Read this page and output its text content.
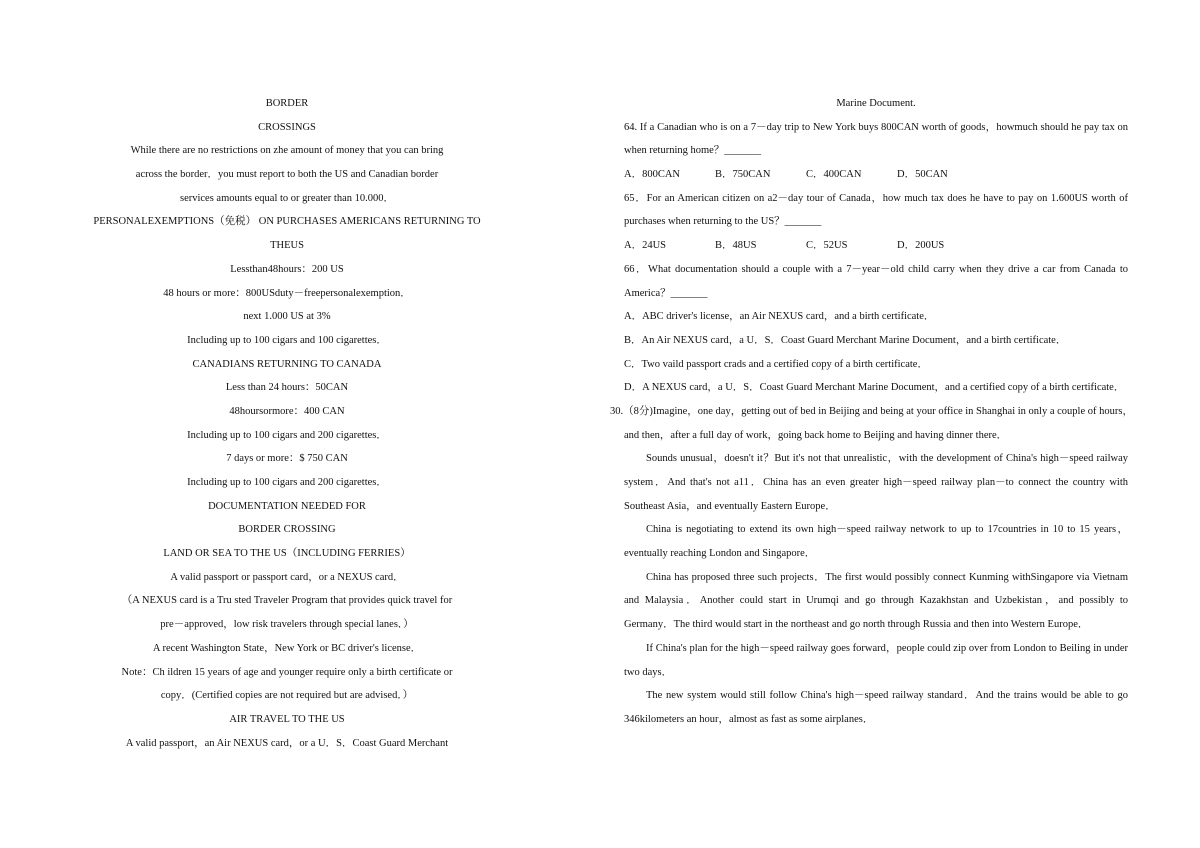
BORDER
CROSSINGS
While there are no restrictions on zhe amount of money that you can bring
across the border．you must report to both the US and Canadian border
services amounts equal to or greater than 10.000．
PERSONALEXEMPTIONS（免税） ON PURCHASES AMERICANS RETURNING TO
THEUS
Lessthan48hours：200 US
48 hours or more：800USduty－freepersonalexemption．
next 1.000 US at 3%
Including up to 100 cigars and 100 cigarettes．
CANADIANS RETURNING TO CANADA
Less than 24 hours：50CAN
48hoursormore：400 CAN
Including up to 100 cigars and 200 cigarettes．
7 days or more：$ 750 CAN
Including up to 100 cigars and 200 cigarettes．
DOCUMENTATION NEEDED FOR
BORDER CROSSING
LAND OR SEA TO THE US（INCLUDING FERRIES）
A valid passport or passport card，or a NEXUS card．
（A NEXUS card is a Tru sted Traveler Program that provides quick travel for
pre－approved，low risk travelers through special lanes．）
A recent Washington State，New York or BC driver's license．
Note：Ch ildren 15 years of age and younger require only a birth certificate or
copy．(Certified copies are not required but are advised．）
AIR TRAVEL TO THE US
A valid passport，an Air NEXUS card，or a U．S．Coast Guard Merchant
Marine Document.
64. If a Canadian who is on a 7－day trip to New York buys 800CAN worth of goods，howmuch should he pay tax on
when returning home？_______
A．800CAN	B．750CAN	C．400CAN	D．50CAN
65．For an American citizen on a2－day tour of Canada，how much tax does he have to pay on 1.600US worth of
purchases when returning to the US？_______
A．24US	B．48US	C．52US	D．200US
66．What documentation should a couple with a 7－year－old child carry when they drive a car from Canada to
America？_______
A．ABC driver's license，an Air NEXUS card，and a birth certificate．
B．An Air NEXUS card，a U．S．Coast Guard Merchant Marine Document，and a birth certificate．
C．Two vaild passport crads and a certified copy of a birth certificate．
D．A NEXUS card，a U．S．Coast Guard Merchant Marine Document，and a certified copy of a birth certificate．
30.（8分)Imagine，one day，getting out of bed in Beijing and being at your office in Shanghai in only a couple of hours，
and then，after a full day of work，going back home to Beijing and having dinner there．
Sounds unusual，doesn't it？But it's not that unrealistic，with the development of China's high－speed railway
system．And that's not a11．China has an even greater high－speed railway plan－to connect the country with
Southeast Asia，and eventually Eastern Europe．
China is negotiating to extend its own high－speed railway network to up to 17countries in 10 to 15 years，
eventually reaching London and Singapore．
China has proposed three such projects．The first would possibly connect Kunming withSingapore via Vietnam
and Malaysia．Another could start in Urumqi and go through Kazakhstan and Uzbekistan，and possibly to
Germany．The third would start in the northeast and go north through Russia and then into Western Europe．
If China's plan for the high－speed railway goes forward，people could zip over from London to Beiling in under
two days．
The new system would still follow China's high－speed railway standard．And the trains would be able to go
346kilometers an hour，almost as fast as some airplanes．
